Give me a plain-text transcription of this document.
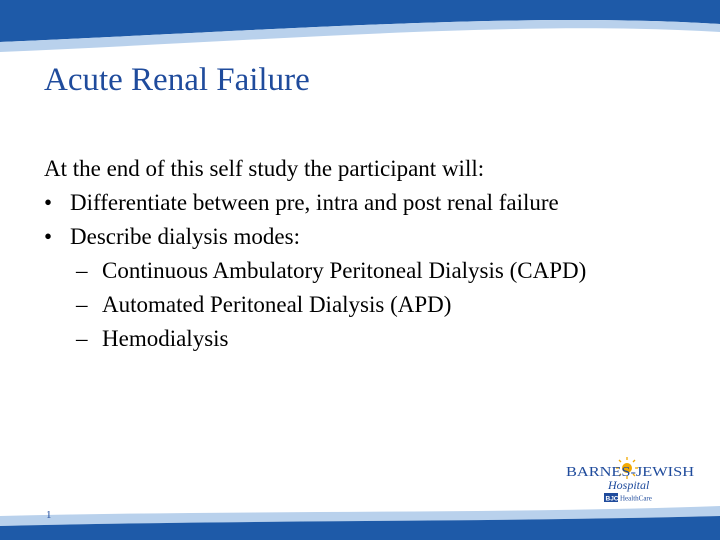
Acute Renal Failure
At the end of this self study the participant will:
• Differentiate between pre, intra and post renal failure
• Describe dialysis modes:
– Continuous Ambulatory Peritoneal Dialysis (CAPD)
– Automated Peritoneal Dialysis (APD)
– Hemodialysis
1
BARNES-JEWISH
Hospital
BJC HealthCare
